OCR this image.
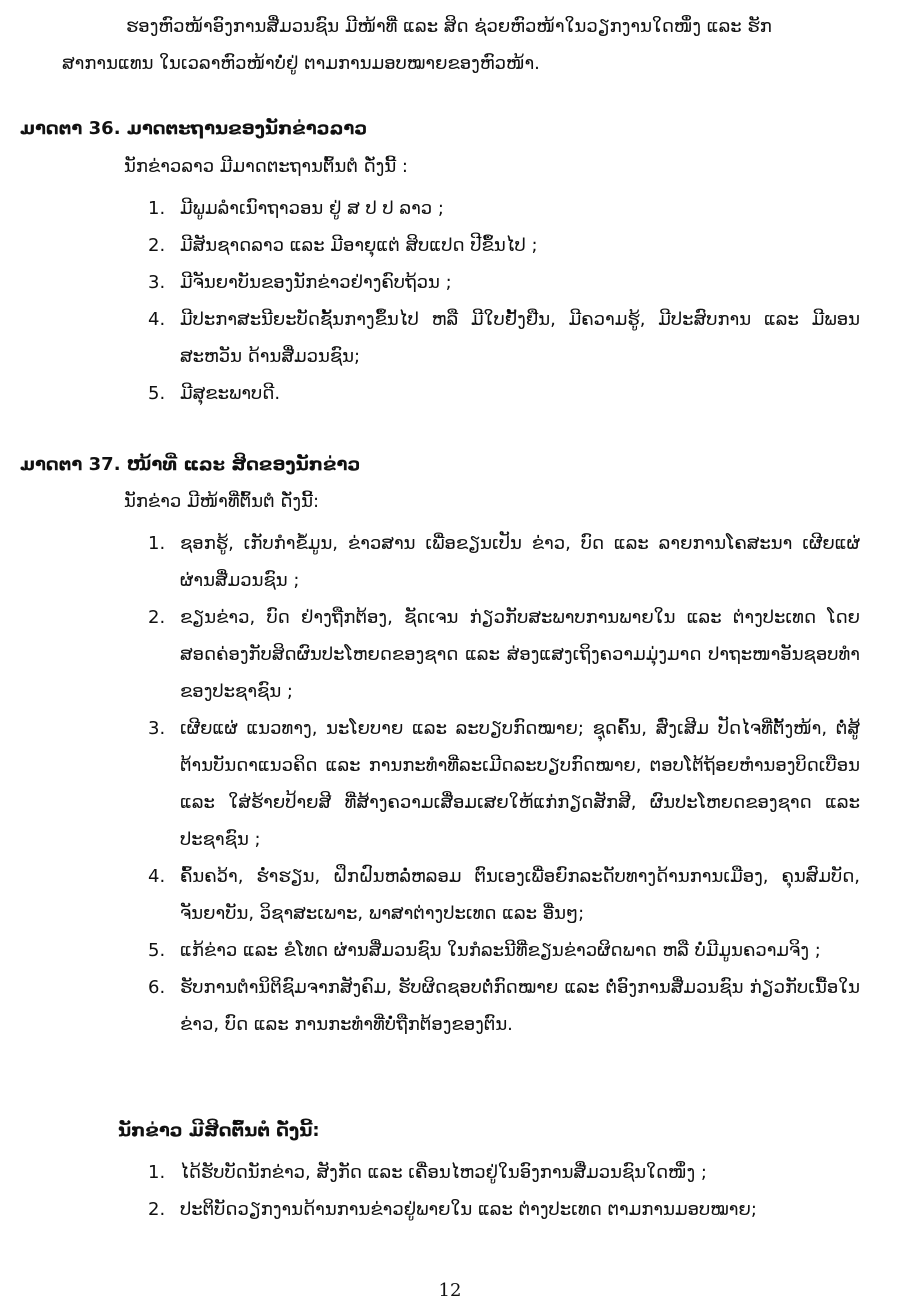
ຮອງຫົວໜ້າອົງການສື່ມວນຊົນ ມີໜ້າທີ່ ແລະ ສິດ ຊ່ວຍຫົວໜ້າໃນວຽກງານໃດໜຶ່ງ ແລະ ຮັກ
ສາການແທນ ໃນເວລາຫົວໜ້າບໍ່ຢູ່ ຕາມການມອບໝາຍຂອງຫົວໜ້າ.
ມາດຕາ 36. ມາດຕະຖານຂອງນັກຂ່າວລາວ
ນັກຂ່າວລາວ ມີມາດຕະຖານຕົ້ນຕໍ ດັ່ງນີ້ :
1. ມີພູມລຳເນົາຖາວອນ ຢູ່ ສ ປ ປ ລາວ ;
2. ມີສັນຊາດລາວ ແລະ ມີອາຍຸແຕ່ ສິບແປດ ປີຂຶ້ນໄປ ;
3. ມີຈັນຍາບັນຂອງນັກຂ່າວຢ່າງຄົບຖ້ວນ ;
4. ມີປະກາສະນີຍະບັດຊັ້ນກາງຂຶ້ນໄປ ຫລື ມີໃບຢັ້ງຢືນ, ມີຄວາມຮູ້, ມີປະສົບການ ແລະ ມີພອນສະຫວັນ ດ້ານສື່ມວນຊົນ;
5. ມີສຸຂະພາບດີ.
ມາດຕາ 37. ໜ້າທີ່ ແລະ ສິດຂອງນັກຂ່າວ
ນັກຂ່າວ ມີໜ້າທີ່ຕົ້ນຕໍ ດັ່ງນີ້:
1. ຊອກຮູ້, ເກັບກຳຂໍ້ມູນ, ຂ່າວສານ ເພື່ອຂຽນເປັນ ຂ່າວ, ບົດ ແລະ ລາຍການໂຄສະນາ ເຜີຍແຜ່ ຜ່ານສື່ມວນຊົນ ;
2. ຂຽນຂ່າວ, ບົດ ຢ່າງຖືກຕ້ອງ, ຊັດເຈນ ກ່ຽວກັບສະພາບການພາຍໃນ ແລະ ຕ່າງປະເທດ ໂດຍສອດຄ່ອງກັບສິດຜົນປະໂຫຍດຂອງຊາດ ແລະ ສ່ອງແສງເຖິງຄວາມມຸ່ງມາດ ປາຖະໜາອັນຊອບທຳຂອງປະຊາຊົນ ;
3. ເຜີຍແຜ່ ແນວທາງ, ນະໂຍບາຍ ແລະ ລະບຽບກົດໝາຍ; ຊຸດຄົ້ນ, ສົ່ງເສີມ ປັດໄຈທີ່ຕັ້ງໜ້າ, ຕໍ່ສູ້ຕ້ານບັນດາແນວຄິດ ແລະ ການກະທຳທີ່ລະເມີດລະບຽບກົດໝາຍ, ຕອບໂຕ້ຖ້ອຍຫຳນອງບິດເບືອນ ແລະ ໃສ່ຮ້າຍປ້າຍສີ ທີ່ສ້າງຄວາມເສື່ອມເສຍໃຫ້ແກ່ກຽດສັກສີ, ຜົນປະໂຫຍດຂອງຊາດ ແລະ ປະຊາຊົນ ;
4. ຄົ້ນຄວ້າ, ຮ່ຳຮຽນ, ຝຶກຝົນຫລໍ່ຫລອມ ຕົນເອງເພື່ອຍົກລະດັບທາງດ້ານການເມືອງ, ຄຸນສົມບັດ, ຈັນຍາບັນ, ວິຊາສະເພາະ, ພາສາຕ່າງປະເທດ ແລະ ອື່ນໆ;
5. ແກ້ຂ່າວ ແລະ ຂໍໂທດ ຜ່ານສື່ມວນຊົນ ໃນກໍລະນີທີ່ຂຽນຂ່າວຜິດພາດ ຫລື ບໍ່ມີມູນຄວາມຈິງ ;
6. ຮັບການຕຳນິຕິຊົມຈາກສັງຄົມ, ຮັບຜິດຊອບຕໍ່ກົດໝາຍ ແລະ ຕໍ່ອົງການສື່ມວນຊົນ ກ່ຽວກັບເນື້ອໃນຂ່າວ, ບົດ ແລະ ການກະທຳທີ່ບໍ່ຖືກຕ້ອງຂອງຕົນ.
ນັກຂ່າວ ມີສິດຕົ້ນຕໍ ດັ່ງນີ້:
1. ໄດ້ຮັບບັດນັກຂ່າວ, ສັງກັດ ແລະ ເຄື່ອນໄຫວຢູ່ໃນອົງການສື່ມວນຊົນໃດໜຶ່ງ ;
2. ປະຕິບັດວຽກງານດ້ານການຂ່າວຢູ່ພາຍໃນ ແລະ ຕ່າງປະເທດ ຕາມການມອບໝາຍ;
12
